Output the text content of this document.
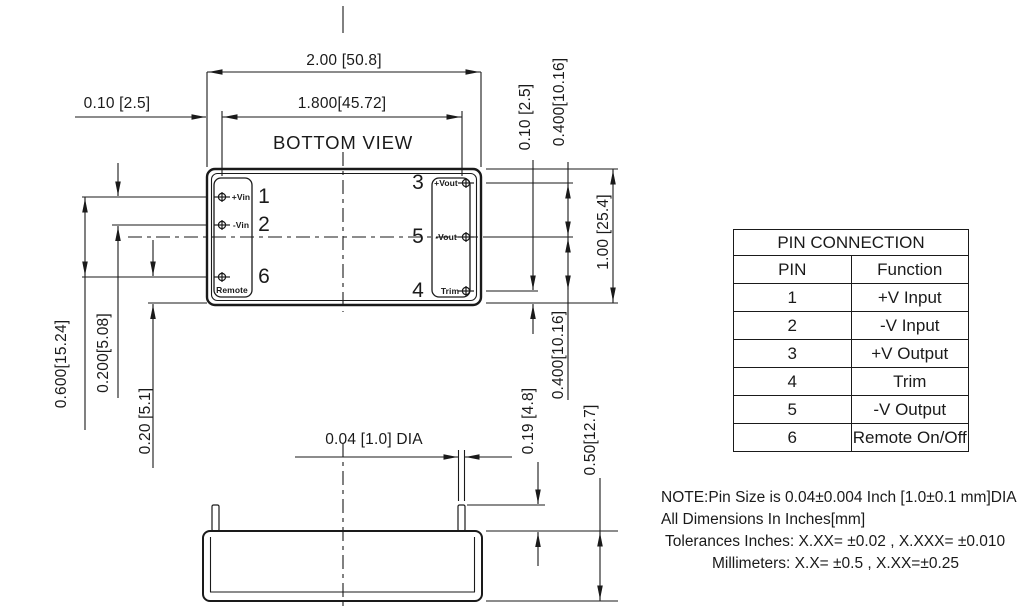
BOTTOM VIEW
2.00 [50.8]
1.800[45.72]
0.10 [2.5]
0.04 [1.0] DIA
0.600[15.24] 0.200[5.08]
0.20 [5.1]
0.10 [2.5] 0.400[10.16]
1.00 [25.4]
0.400[10.16]
0.19 [4.8]	0.50[12.7]
1
2
6
3
5
4
+Vin
-Vin
Remote
+Vout
-Vout
Trim
PIN CONNECTION	
PIN	Function
1	+V Input
2	-V Input
3	+V Output
4	Trim
5	-V Output
6	Remote On/Off
NOTE:Pin Size is 0.04±0.004 Inch [1.0±0.1 mm]DIA
All Dimensions In Inches[mm]
Tolerances Inches: X.XX= ±0.02 , X.XXX= ±0.010
Millimeters: X.X= ±0.5 , X.XX=±0.25
